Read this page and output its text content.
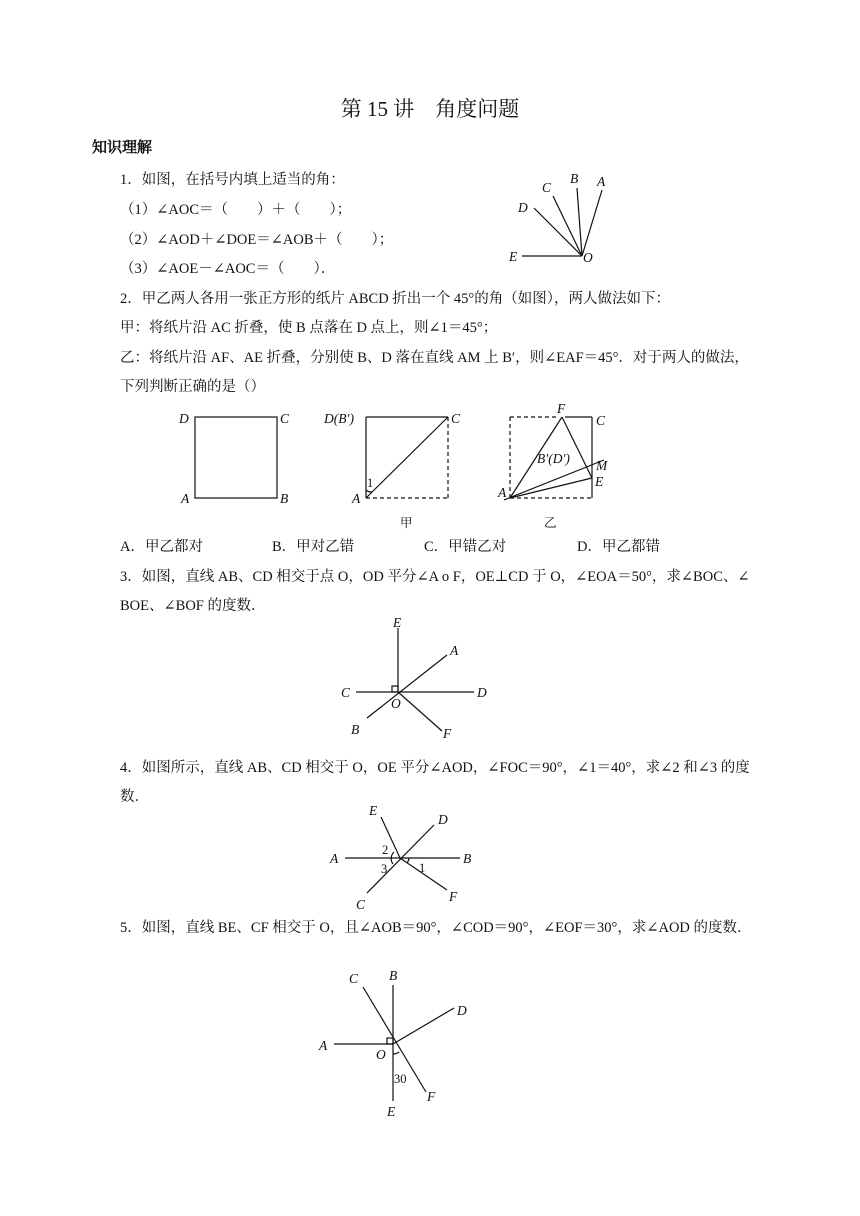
第 15 讲　角度问题
知识理解
1．如图，在括号内填上适当的角：
（1）∠AOC＝（　　）＋（　　）；
（2）∠AOD＋∠DOE＝∠AOB＋（　　）；
（3）∠AOE－∠AOC＝（　　）．
2．甲乙两人各用一张正方形的纸片 ABCD 折出一个 45°的角（如图），两人做法如下：
甲：将纸片沿 AC 折叠，使 B 点落在 D 点上，则∠1＝45°；
乙：将纸片沿 AF、AE 折叠，分别使 B、D 落在直线 AM 上 B′，则∠EAF＝45°．对于两人的做法，
下列判断正确的是（）
A．甲乙都对	B．甲对乙错	C．甲错乙对	D．甲乙都错
3．如图，直线 AB、CD 相交于点 O，OD 平分∠A o F，OE⊥CD 于 O，∠EOA＝50°，求∠BOC、∠
BOE、∠BOF 的度数．
4．如图所示，直线 AB、CD 相交于 O，OE 平分∠AOD，∠FOC＝90°，∠1＝40°，求∠2 和∠3 的度
数．
5．如图，直线 BE、CF 相交于 O，且∠AOB＝90°，∠COD＝90°，∠EOF＝30°，求∠AOD 的度数．
A
B
C
D
E	O
D	C
A	B
D(B′)	C
A
1
甲
F
C
B′(D′) M
E
A
乙
E
A
C	D
O
B	F
E
D
A	B
2
3	1
C
F
C B
D
A
O
30
F
E
